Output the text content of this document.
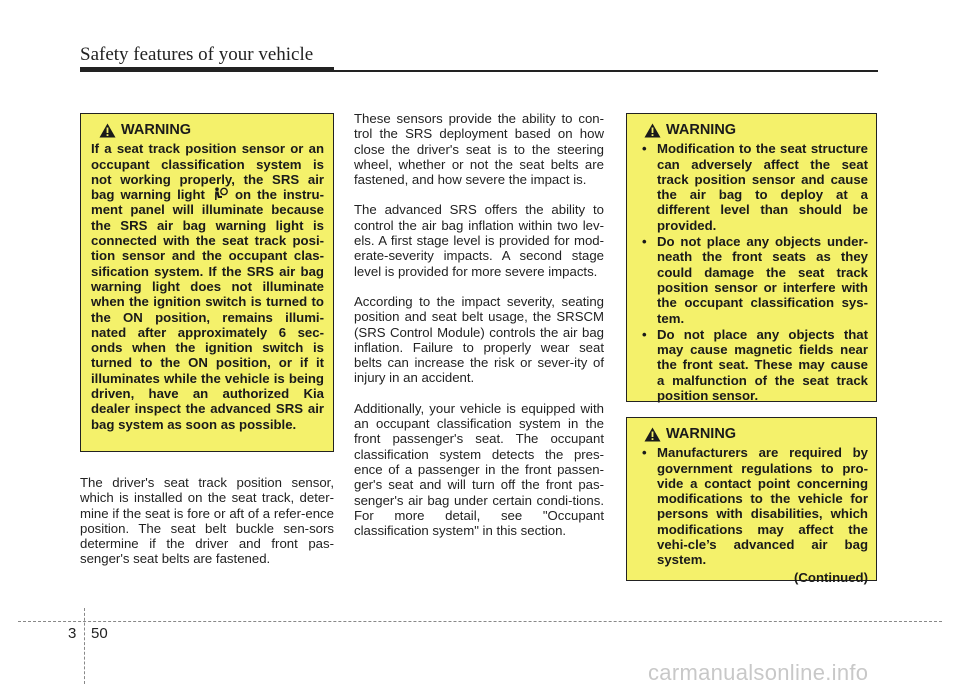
Safety features of your vehicle
WARNING
If a seat track position sensor or an occupant classification system is not working properly, the SRS air bag warning light on the instru-ment panel will illuminate because the SRS air bag warning light is connected with the seat track posi-tion sensor and the occupant clas-sification system. If the SRS air bag warning light does not illuminate when the ignition switch is turned to the ON position, remains illumi-nated after approximately 6 sec-onds when the ignition switch is turned to the ON position, or if it illuminates while the vehicle is being driven, have an authorized Kia dealer inspect the advanced SRS air bag system as soon as possible.

The driver's seat track position sensor, which is installed on the seat track, deter-mine if the seat is fore or aft of a refer-ence position. The seat belt buckle sen-sors determine if the driver and front pas-senger's seat belts are fastened.

These sensors provide the ability to con-trol the SRS deployment based on how close the driver's seat is to the steering wheel, whether or not the seat belts are fastened, and how severe the impact is.

The advanced SRS offers the ability to control the air bag inflation within two lev-els. A first stage level is provided for mod-erate-severity impacts. A second stage level is provided for more severe impacts.

According to the impact severity, seating position and seat belt usage, the SRSCM (SRS Control Module) controls the air bag inflation. Failure to properly wear seat belts can increase the risk or sever-ity of injury in an accident.

Additionally, your vehicle is equipped with an occupant classification system in the front passenger's seat. The occupant classification system detects the pres-ence of a passenger in the front passen-ger's seat and will turn off the front pas-senger's air bag under certain condi-tions. For more detail, see "Occupant classification system" in this section.

WARNING
• Modification to the seat structure can adversely affect the seat track position sensor and cause the air bag to deploy at a different level than should be provided.
• Do not place any objects under-neath the front seats as they could damage the seat track position sensor or interfere with the occupant classification sys-tem.
• Do not place any objects that may cause magnetic fields near the front seat. These may cause a malfunction of the seat track position sensor.
WARNING
• Manufacturers are required by government regulations to pro-vide a contact point concerning modifications to the vehicle for persons with disabilities, which modifications may affect the vehi-cle’s advanced air bag system.
(Continued)
3 50
carmanualsonline.info
